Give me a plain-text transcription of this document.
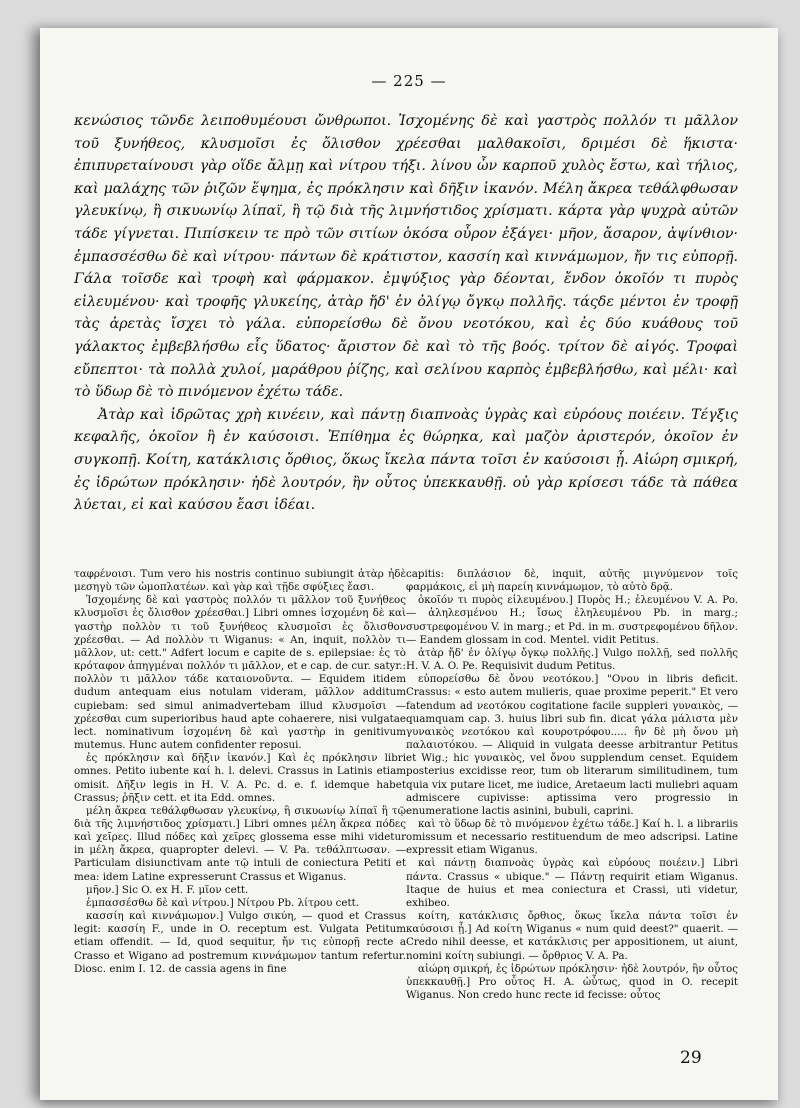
— 225 —

κενώσιος τῶνδε λειποθυμέουσι ὤνθρωποι. Ἰσχομένης δὲ καὶ γαστρὸς πολλόν τι μᾶλλον τοῦ ξυνήθεος, κλυσμοῖσι ἐς ὄλισθον χρέεσθαι μαλθακοῖσι, δριμέσι δὲ ἥκιστα· ἐπιπυρεταίνουσι γὰρ οἵδε ἄλμῃ καὶ νίτρου τήξι. λίνου ὦν καρποῦ χυλὸς ἔστω, καὶ τήλιος, καὶ μαλάχης τῶν ῥιζῶν ἕψημα, ἐς πρόκλησιν καὶ δῆξιν ἱκανόν. Μέλη ἄκρεα τεθάλφθωσαν γλευκίνῳ, ἢ σικυωνίῳ λίπαϊ, ἢ τῷ διὰ τῆς λιμνήστιδος χρίσματι. κάρτα γὰρ ψυχρὰ αὐτῶν τάδε γίγνεται. Πιπίσκειν τε πρὸ τῶν σιτίων ὁκόσα οὖρον ἐξάγει· μῆον, ἄσαρον, ἀψίνθιον· ἐμπασσέσθω δὲ καὶ νίτρου· πάντων δὲ κράτιστον, κασσίη καὶ κιννάμωμον, ἤν τις εὐπορῇ. Γάλα τοῖσδε καὶ τροφὴ καὶ φάρμακον. ἐμψύξιος γὰρ δέονται, ἔνδον ὁκοῖόν τι πυρὸς εἰλευμένου· καὶ τροφῆς γλυκείης, ἀτὰρ ἤδ' ἐν ὀλίγῳ ὄγκῳ πολλῆς. τάςδε μέντοι ἐν τροφῇ τὰς ἀρετὰς ἴσχει τὸ γάλα. εὐπορείσθω δὲ ὄνου νεοτόκου, καὶ ἐς δύο κυάθους τοῦ γάλακτος ἐμβεβλήσθω εἷς ὕδατος· ἄριστον δὲ καὶ τὸ τῆς βοός. τρίτον δὲ αἰγός. Τροφαὶ εὔπεπτοι· τὰ πολλὰ χυλοί, μαράθρου ῥίζης, καὶ σελίνου καρπὸς ἐμβεβλήσθω, καὶ μέλι· καὶ τὸ ὕδωρ δὲ τὸ πινόμενον ἐχέτω τάδε.

Ἀτὰρ καὶ ἱδρῶτας χρὴ κινέειν, καὶ πάντῃ διαπνοὰς ὑγρὰς καὶ εὐρόους ποιέειν. Τέγξις κεφαλῆς, ὁκοῖον ἢ ἐν καύσοισι. Ἐπίθημα ἐς θώρηκα, καὶ μαζὸν ἀριστερόν, ὁκοῖον ἐν συγκοπῇ. Κοίτη, κατάκλισις ὄρθιος, ὅκως ἴκελα πάντα τοῖσι ἐν καύσοισι ᾖ. Αἰώρη σμικρή, ἐς ἱδρώτων πρόκλησιν· ἠδὲ λουτρόν, ἢν οὗτος ὑπεκκαυθῇ. οὐ γὰρ κρίσεσι τάδε τὰ πάθεα λύεται, εἰ καὶ καύσου ἔασι ἰδέαι.

ταφρένοισι. Tum vero his nostris continuo subiungit ἀτὰρ ἠδὲ μεσηγὺ τῶν ὠμοπλατέων. καὶ γὰρ καὶ τῇδε σφύξιες ἔασι.

Ἰσχομένης δὲ καὶ γαστρὸς πολλόν τι μᾶλλον τοῦ ξυνήθεος κλυσμοῖσι ἐς ὄλισθον χρέεσθαι.] Libri omnes ἰσχομένη δὲ καὶ γαστὴρ πολλὸν τι τοῦ ξυνήθεος κλυσμοῖσι ἐς ὄλισθον χρέεσθαι. — Ad πολλὸν τι Wiganus: « An, inquit, πολλὸν τι μᾶλλον, ut: cett." Adfert locum e capite de s. epilepsiae: ἐς τὸ κρόταφον ἀπηγμέναι πολλόν τι μᾶλλον, et e cap. de cur. satyr.: πολλὸν τι μᾶλλον τάδε καταιονοῦντα. — Equidem itidem dudum antequam eius notulam videram, μᾶλλον additum cupiebam: sed simul animadvertebam illud κλυσμοῖσι — χρέεσθαι cum superioribus haud apte cohaerere, nisi vulgatae lect. nominativum ἰσχομένη δὲ καὶ γαστὴρ in genitivum mutemus. Hunc autem confidenter reposui.

ἐς πρόκλησιν καὶ δῆξιν ἱκανόν.] Καὶ ἐς πρόκλησιν libri omnes. Petito iubente καί h. l. delevi. Crassus in Latinis etiam omisit. Δῆξιν legis in H. V. A. Pc. d. e. f. idemque habet Crassus; ῥῆξιν cett. et ita Edd. omnes.

μέλη ἄκρεα τεθάλφθωσαν γλευκίνῳ, ἢ σικυωνίῳ λίπαϊ ἢ τῷ διὰ τῆς λιμνήστιδος χρίσματι.] Libri omnes μέλη ἄκρεα πόδες καὶ χεῖρες. Illud πόδες καὶ χεῖρες glossema esse mihi videtur in μέλη ἄκρεα, quapropter delevi. — V. Pa. τεθάλπτωσαν. — Particulam disiunctivam ante τῷ intuli de coniectura Petiti et mea: idem Latine expresserunt Crassus et Wiganus.

μῆον.] Sic O. ex H. F. μῖον cett.

ἐμπασσέσθω δὲ καὶ νίτρου.] Νίτρου Pb. λίτρου cett.

κασσίη καὶ κιννάμωμον.] Vulgo σικύη, — quod et Crassus legit: κασσίη F., unde in O. receptum est. Vulgata Petitum etiam offendit. — Id, quod sequitur, ἤν τις εὐπορῇ recte a Crasso et Wigano ad postremum κιννάμωμον tantum refertur. Diosc. enim I. 12. de cassia agens in fine

capitis: διπλάσιον δὲ, inquit, αὐτῆς μιγνύμενον τοῖς φαρμάκοις, εἰ μὴ παρείη κιννάμωμον, τὸ αὐτὸ δρᾷ.

ὁκοῖόν τι πυρὸς εἰλευμένου.] Πυρὸς H.; ἐλευμένου V. A. Po. — ἀληλεσμένου H.; ἴσως ἐληλευμένου Pb. in marg.; συστρεφομένου V. in marg.; et Pd. in m. συστρεφομένου δῆλον. — Eandem glossam in cod. Mentel. vidit Petitus.

ἀτὰρ ἤδ' ἐν ὀλίγῳ ὄγκῳ πολλῆς.] Vulgo πολλῇ, sed πολλῆς H. V. A. O. Pe. Requisivit dudum Petitus.

εὐπορείσθω δὲ ὄνου νεοτόκου.] "Ονου in libris deficit. Crassus: « esto autem mulieris, quae proxime peperit." Et vero fatendum ad νεοτόκου cogitatione facile suppleri γυναικὸς, — quamquam cap. 3. huius libri sub fin. dicat γάλα μάλιστα μὲν γυναικὸς νεοτόκου καὶ κουροτρόφου..... ἢν δὲ μὴ ὄνου μὴ παλαιοτόκου. — Aliquid in vulgata deesse arbitrantur Petitus et Wig.; hic γυναικὸς, vel ὄνου supplendum censet. Equidem posterius excidisse reor, tum ob literarum similitudinem, tum quia vix putare licet, me iudice, Aretaeum lacti muliebri aquam admiscere cupivisse: aptissima vero progressio in enumeratione lactis asinini, bubuli, caprini.

καὶ τὸ ὕδωρ δὲ τὸ πινόμενον ἐχέτω τάδε.] Καί h. l. a librariis omissum et necessario restituendum de meo adscripsi. Latine expressit etiam Wiganus.

καὶ πάντῃ διαπνοὰς ὑγρὰς καὶ εὐρόους ποιέειν.] Libri πάντα. Crassus « ubique." — Πάντῃ requirit etiam Wiganus. Itaque de huius et mea coniectura et Crassi, uti videtur, exhibeo.

κοίτη, κατάκλισις ὄρθιος, ὅκως ἴκελα πάντα τοῖσι ἐν καύσοισι ᾖ.] Ad κοίτη Wiganus « num quid deest?" quaerit. — Credo nihil deesse, et κατάκλισις per appositionem, ut aiunt, nomini κοίτη subiungi. — ὄρθριος V. A. Pa.

αἰώρη σμικρή, ἐς ἱδρώτων πρόκλησιν· ἠδὲ λουτρόν, ἢν οὗτος ὑπεκκαυθῇ.] Pro οὗτος H. A. ὠὗτως, quod in O. recepit Wiganus. Non credo hunc recte id fecisse: οὗτος

29
